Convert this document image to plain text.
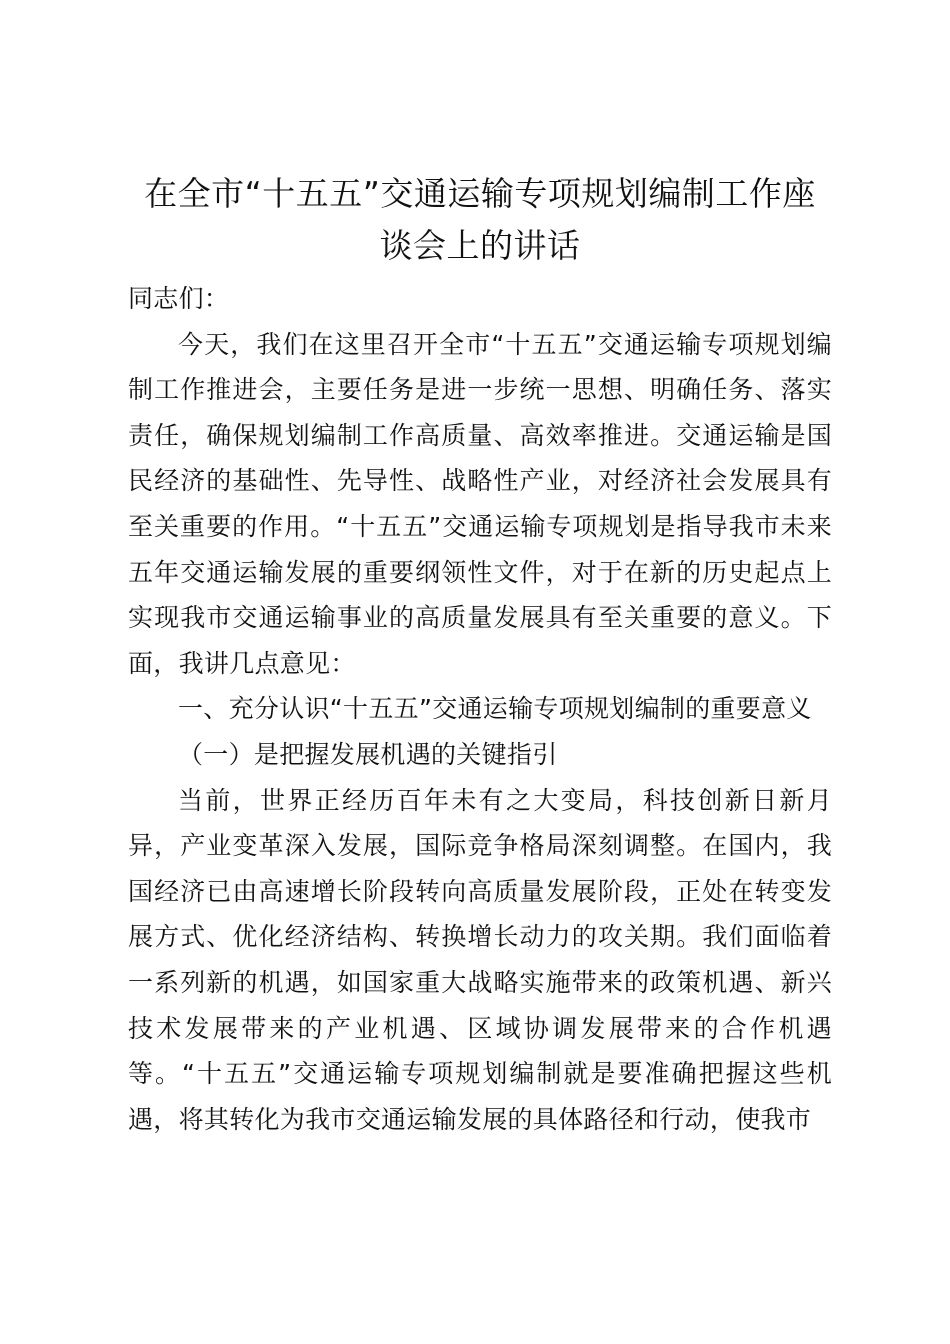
在全市“十五五”交通运输专项规划编制工作座谈会上的讲话

同志们：

今天，我们在这里召开全市“十五五”交通运输专项规划编制工作推进会，主要任务是进一步统一思想、明确任务、落实责任，确保规划编制工作高质量、高效率推进。交通运输是国民经济的基础性、先导性、战略性产业，对经济社会发展具有至关重要的作用。“十五五”交通运输专项规划是指导我市未来五年交通运输发展的重要纲领性文件，对于在新的历史起点上实现我市交通运输事业的高质量发展具有至关重要的意义。下面，我讲几点意见：

一、充分认识“十五五”交通运输专项规划编制的重要意义

（一）是把握发展机遇的关键指引

当前，世界正经历百年未有之大变局，科技创新日新月异，产业变革深入发展，国际竞争格局深刻调整。在国内，我国经济已由高速增长阶段转向高质量发展阶段，正处在转变发展方式、优化经济结构、转换增长动力的攻关期。我们面临着一系列新的机遇，如国家重大战略实施带来的政策机遇、新兴技术发展带来的产业机遇、区域协调发展带来的合作机遇等。“十五五”交通运输专项规划编制就是要准确把握这些机遇，将其转化为我市交通运输发展的具体路径和行动，使我市
